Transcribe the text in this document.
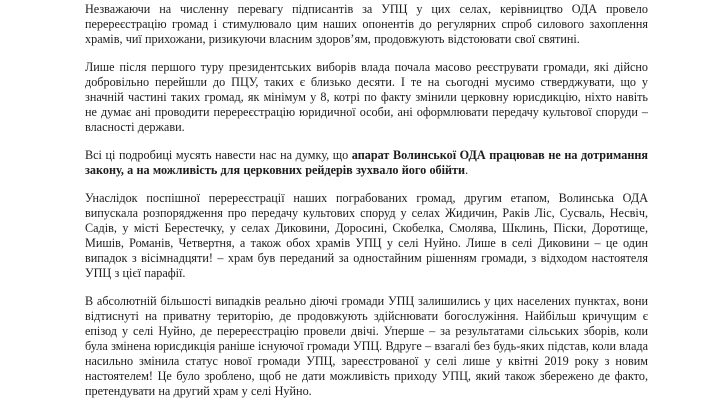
Незважаючи на численну перевагу підписантів за УПЦ у цих селах, керівництво ОДА провело перереєстрацію громад і стимулювало цим наших опонентів до регулярних спроб силового захоплення храмів, чиї прихожани, ризикуючи власним здоров’ям, продовжують відстоювати свої святині.

Лише після першого туру президентських виборів влада почала масово реєструвати громади, які дійсно добровільно перейшли до ПЦУ, таких є близько десяти. І те на сьогодні мусимо стверджувати, що у значній частині таких громад, як мінімум у 8, котрі по факту змінили церковну юрисдикцію, ніхто навіть не думає ані проводити перереєстрацію юридичної особи, ані оформлювати передачу культової споруди – власності держави.

Всі ці подробиці мусять навести нас на думку, що апарат Волинської ОДА працював не на дотримання закону, а на можливість для церковних рейдерів зухвало його обійти.

Унаслідок поспішної перереєстрації наших пограбованих громад, другим етапом, Волинська ОДА випускала розпорядження про передачу культових споруд у селах Жидичин, Раків Ліс, Сусваль, Несвіч, Садів, у місті Берестечку, у селах Диковини, Доросині, Скобелка, Смолява, Шклинь, Піски, Доротище, Мишів, Романів, Четвертня, а також обох храмів УПЦ у селі Нуйно. Лише в селі Диковини – це один випадок з вісімнадцяти! – храм був переданий за одностайним рішенням громади, з відходом настоятеля УПЦ з цієї парафії.

В абсолютній більшості випадків реально діючі громади УПЦ залишились у цих населених пунктах, вони відтиснуті на приватну територію, де продовжують здійснювати богослужіння. Найбільш кричущим є епізод у селі Нуйно, де перереєстрацію провели двічі. Уперше – за результатами сільських зборів, коли була змінена юрисдикція раніше існуючої громади УПЦ. Вдруге – взагалі без будь-яких підстав, коли влада насильно змінила статус нової громади УПЦ, зареєстрованої у селі лише у квітні 2019 року з новим настоятелем! Це було зроблено, щоб не дати можливість приходу УПЦ, який також збережено де факто, претендувати на другий храм у селі Нуйно.
